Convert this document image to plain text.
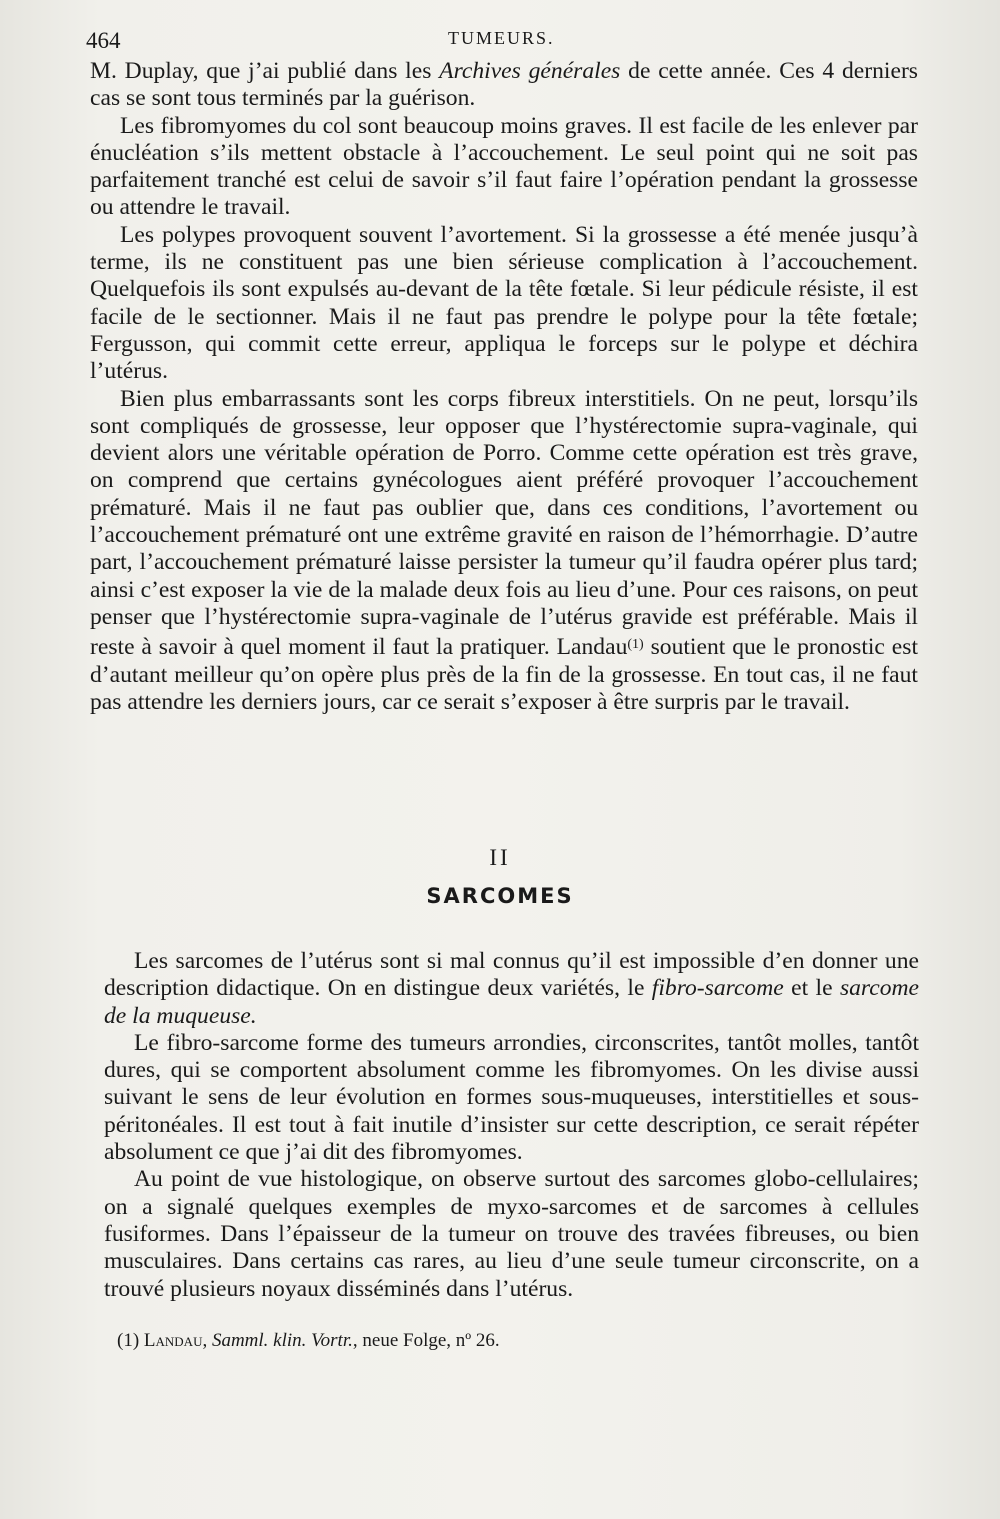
464	TUMEURS.

M. Duplay, que j’ai publié dans les Archives générales de cette année. Ces 4 derniers cas se sont tous terminés par la guérison.

Les fibromyomes du col sont beaucoup moins graves. Il est facile de les enlever par énucléation s’ils mettent obstacle à l’accouchement. Le seul point qui ne soit pas parfaitement tranché est celui de savoir s’il faut faire l’opération pendant la grossesse ou attendre le travail.

Les polypes provoquent souvent l’avortement. Si la grossesse a été menée jusqu’à terme, ils ne constituent pas une bien sérieuse complication à l’accouchement. Quelquefois ils sont expulsés au-devant de la tête fœtale. Si leur pédicule résiste, il est facile de le sectionner. Mais il ne faut pas prendre le polype pour la tête fœtale; Fergusson, qui commit cette erreur, appliqua le forceps sur le polype et déchira l’utérus.

Bien plus embarrassants sont les corps fibreux interstitiels. On ne peut, lorsqu’ils sont compliqués de grossesse, leur opposer que l’hystérectomie supra-vaginale, qui devient alors une véritable opération de Porro. Comme cette opération est très grave, on comprend que certains gynécologues aient préféré provoquer l’accouchement prématuré. Mais il ne faut pas oublier que, dans ces conditions, l’avortement ou l’accouchement prématuré ont une extrême gravité en raison de l’hémorrhagie. D’autre part, l’accouchement prématuré laisse persister la tumeur qu’il faudra opérer plus tard; ainsi c’est exposer la vie de la malade deux fois au lieu d’une. Pour ces raisons, on peut penser que l’hystérectomie supra-vaginale de l’utérus gravide est préférable. Mais il reste à savoir à quel moment il faut la pratiquer. Landau$^{(1)}$ soutient que le pronostic est d’autant meilleur qu’on opère plus près de la fin de la grossesse. En tout cas, il ne faut pas attendre les derniers jours, car ce serait s’exposer à être surpris par le travail.

II
SARCOMES

Les sarcomes de l’utérus sont si mal connus qu’il est impossible d’en donner une description didactique. On en distingue deux variétés, le fibro-sarcome et le sarcome de la muqueuse.

Le fibro-sarcome forme des tumeurs arrondies, circonscrites, tantôt molles, tantôt dures, qui se comportent absolument comme les fibromyomes. On les divise aussi suivant le sens de leur évolution en formes sous-muqueuses, interstitielles et sous-péritonéales. Il est tout à fait inutile d’insister sur cette description, ce serait répéter absolument ce que j’ai dit des fibromyomes.

Au point de vue histologique, on observe surtout des sarcomes globo-cellulaires; on a signalé quelques exemples de myxo-sarcomes et de sarcomes à cellules fusiformes. Dans l’épaisseur de la tumeur on trouve des travées fibreuses, ou bien musculaires. Dans certains cas rares, au lieu d’une seule tumeur circonscrite, on a trouvé plusieurs noyaux disséminés dans l’utérus.

(1) Landau, Samml. klin. Vortr., neue Folge, nº 26.
